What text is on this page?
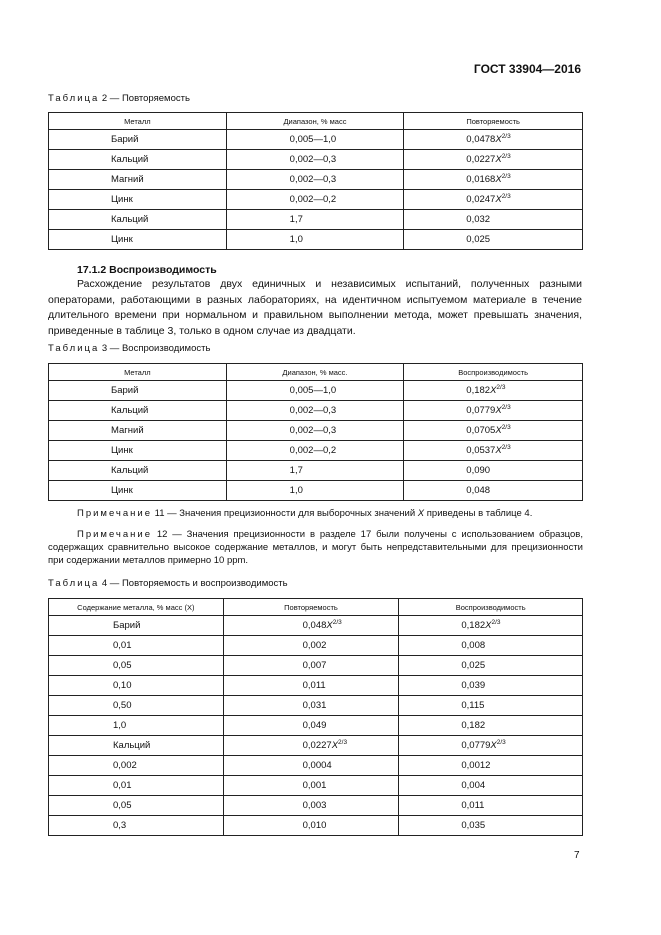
ГОСТ 33904—2016
Таблица 2 — Повторяемость
Металл	Диапазон, % масс	Повторяемость
Барий	0,005—1,0	$0,0478X^{2/3}$
Кальций	0,002—0,3	$0,0227X^{2/3}$
Магний	0,002—0,3	$0,0168X^{2/3}$
Цинк	0,002—0,2	$0,0247X^{2/3}$
Кальций	1,7	0,032
Цинк	1,0	0,025
17.1.2 Воспроизводимость
Расхождение результатов двух единичных и независимых испытаний, полученных разными операторами, работающими в разных лабораториях, на идентичном испытуемом материале в течение длительного времени при нормальном и правильном выполнении метода, может превышать значения, приведенные в таблице 3, только в одном случае из двадцати.
Таблица 3 — Воспроизводимость
Металл	Диапазон, % масс.	Воспроизводимость
Барий	0,005—1,0	$0,182X^{2/3}$
Кальций	0,002—0,3	$0,0779X^{2/3}$
Магний	0,002—0,3	$0,0705X^{2/3}$
Цинк	0,002—0,2	$0,0537X^{2/3}$
Кальций	1,7	0,090
Цинк	1,0	0,048
Примечание 11 — Значения прецизионности для выборочных значений X приведены в таблице 4.
Примечание 12 — Значения прецизионности в разделе 17 были получены с использованием образцов, содержащих сравнительно высокое содержание металлов, и могут быть непредставительными для прецизионности при содержании металлов примерно 10 ppm.
Таблица 4 — Повторяемость и воспроизводимость
Содержание металла, % масс (X)	Повторяемость	Воспроизводимость
Барий	$0,048X^{2/3}$	$0,182X^{2/3}$
0,01	0,002	0,008
0,05	0,007	0,025
0,10	0,011	0,039
0,50	0,031	0,115
1,0	0,049	0,182
Кальций	$0,0227X^{2/3}$	$0,0779X^{2/3}$
0,002	0,0004	0,0012
0,01	0,001	0,004
0,05	0,003	0,011
0,3	0,010	0,035
7
